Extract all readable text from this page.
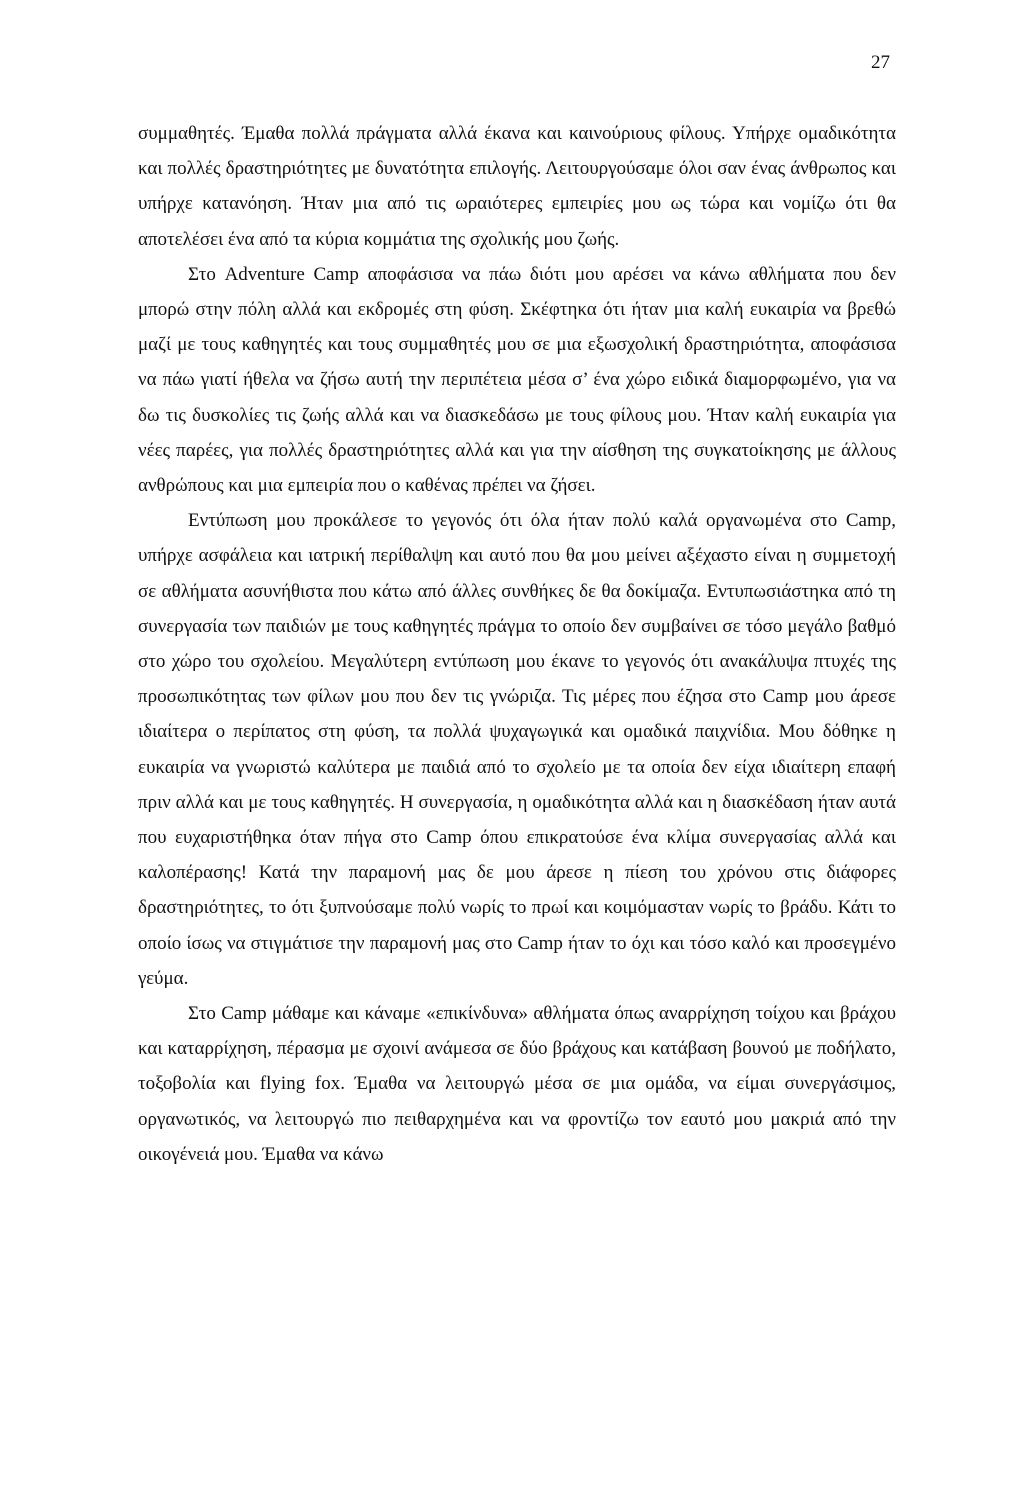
27

συμμαθητές. Έμαθα πολλά πράγματα αλλά έκανα και καινούριους φίλους. Υπήρχε ομαδικότητα και πολλές δραστηριότητες με δυνατότητα επιλογής. Λειτουργούσαμε όλοι σαν ένας άνθρωπος και υπήρχε κατανόηση. Ήταν μια από τις ωραιότερες εμπειρίες μου ως τώρα και νομίζω ότι θα αποτελέσει ένα από τα κύρια κομμάτια της σχολικής μου ζωής.

Στο Adventure Camp αποφάσισα να πάω διότι μου αρέσει να κάνω αθλήματα που δεν μπορώ στην πόλη αλλά και εκδρομές στη φύση. Σκέφτηκα ότι ήταν μια καλή ευκαιρία να βρεθώ μαζί με τους καθηγητές και τους συμμαθητές μου σε μια εξωσχολική δραστηριότητα, αποφάσισα να πάω γιατί ήθελα να ζήσω αυτή την περιπέτεια μέσα σ’ ένα χώρο ειδικά διαμορφωμένο, για να δω τις δυσκολίες τις ζωής αλλά και να διασκεδάσω με τους φίλους μου. Ήταν καλή ευκαιρία για νέες παρέες, για πολλές δραστηριότητες αλλά και για την αίσθηση της συγκατοίκησης με άλλους ανθρώπους και μια εμπειρία που ο καθένας πρέπει να ζήσει.

Εντύπωση μου προκάλεσε το γεγονός ότι όλα ήταν πολύ καλά οργανωμένα στο Camp, υπήρχε ασφάλεια και ιατρική περίθαλψη και αυτό που θα μου μείνει αξέχαστο είναι η συμμετοχή σε αθλήματα ασυνήθιστα που κάτω από άλλες συνθήκες δε θα δοκίμαζα. Εντυπωσιάστηκα από τη συνεργασία των παιδιών με τους καθηγητές πράγμα το οποίο δεν συμβαίνει σε τόσο μεγάλο βαθμό στο χώρο του σχολείου. Μεγαλύτερη εντύπωση μου έκανε το γεγονός ότι ανακάλυψα πτυχές της προσωπικότητας των φίλων μου που δεν τις γνώριζα. Τις μέρες που έζησα στο Camp μου άρεσε ιδιαίτερα ο περίπατος στη φύση, τα πολλά ψυχαγωγικά και ομαδικά παιχνίδια. Μου δόθηκε η ευκαιρία να γνωριστώ καλύτερα με παιδιά από το σχολείο με τα οποία δεν είχα ιδιαίτερη επαφή πριν αλλά και με τους καθηγητές. Η συνεργασία, η ομαδικότητα αλλά και η διασκέδαση ήταν αυτά που ευχαριστήθηκα όταν πήγα στο Camp όπου επικρατούσε ένα κλίμα συνεργασίας αλλά και καλοπέρασης! Κατά την παραμονή μας δε μου άρεσε η πίεση του χρόνου στις διάφορες δραστηριότητες, το ότι ξυπνούσαμε πολύ νωρίς το πρωί και κοιμόμασταν νωρίς το βράδυ. Κάτι το οποίο ίσως να στιγμάτισε την παραμονή μας στο Camp ήταν το όχι και τόσο καλό και προσεγμένο γεύμα.

Στο Camp μάθαμε και κάναμε «επικίνδυνα» αθλήματα όπως αναρρίχηση τοίχου και βράχου και καταρρίχηση, πέρασμα με σχοινί ανάμεσα σε δύο βράχους και κατάβαση βουνού με ποδήλατο, τοξοβολία και flying fox. Έμαθα να λειτουργώ μέσα σε μια ομάδα, να είμαι συνεργάσιμος, οργανωτικός, να λειτουργώ πιο πειθαρχημένα και να φροντίζω τον εαυτό μου μακριά από την οικογένειά μου. Έμαθα να κάνω
